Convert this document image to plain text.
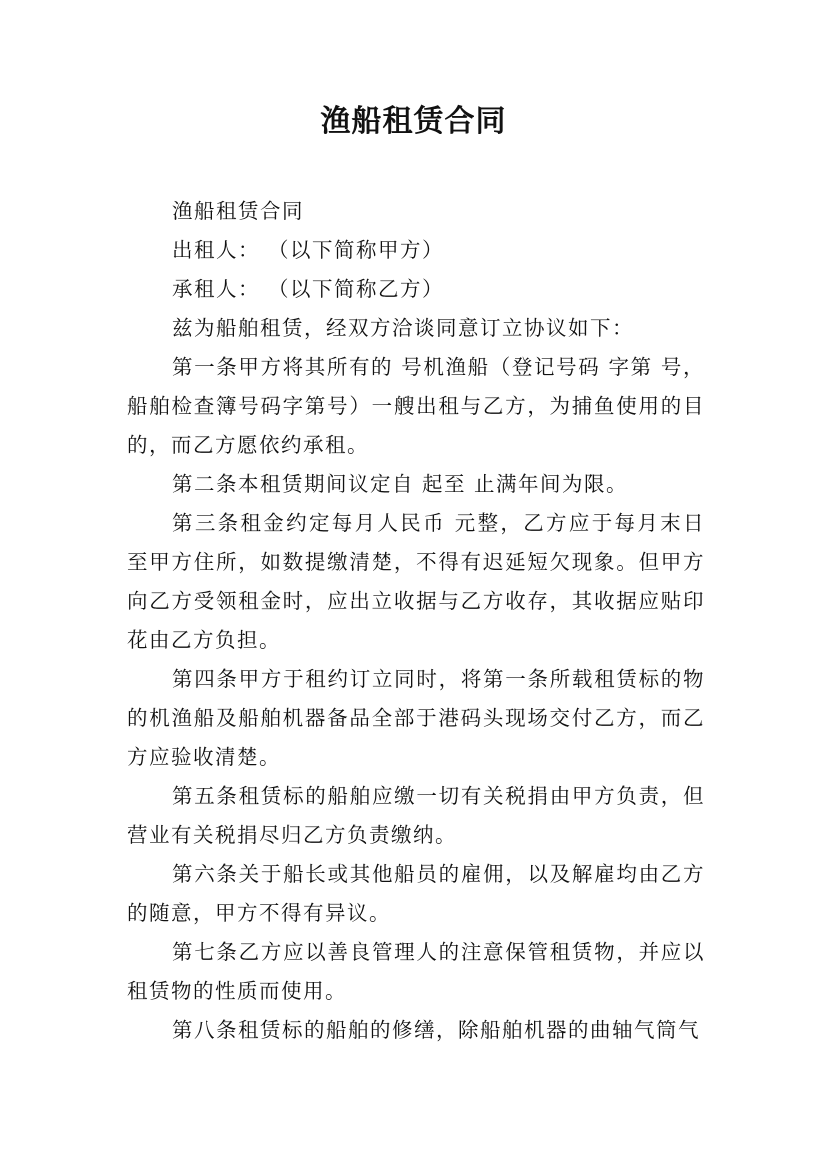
渔船租赁合同

渔船租赁合同

出租人： （以下简称甲方）

承租人： （以下简称乙方）

兹为船舶租赁，经双方洽谈同意订立协议如下：

第一条甲方将其所有的 号机渔船（登记号码 字第 号，船舶检查簿号码字第号）一艘出租与乙方，为捕鱼使用的目的，而乙方愿依约承租。

第二条本租赁期间议定自 起至 止满年间为限。

第三条租金约定每月人民币 元整，乙方应于每月末日至甲方住所，如数提缴清楚，不得有迟延短欠现象。但甲方向乙方受领租金时，应出立收据与乙方收存，其收据应贴印花由乙方负担。

第四条甲方于租约订立同时，将第一条所载租赁标的物的机渔船及船舶机器备品全部于港码头现场交付乙方，而乙方应验收清楚。

第五条租赁标的船舶应缴一切有关税捐由甲方负责，但营业有关税捐尽归乙方负责缴纳。

第六条关于船长或其他船员的雇佣，以及解雇均由乙方的随意，甲方不得有异议。

第七条乙方应以善良管理人的注意保管租赁物，并应以租赁物的性质而使用。

第八条租赁标的船舶的修缮，除船舶机器的曲轴气筒气
